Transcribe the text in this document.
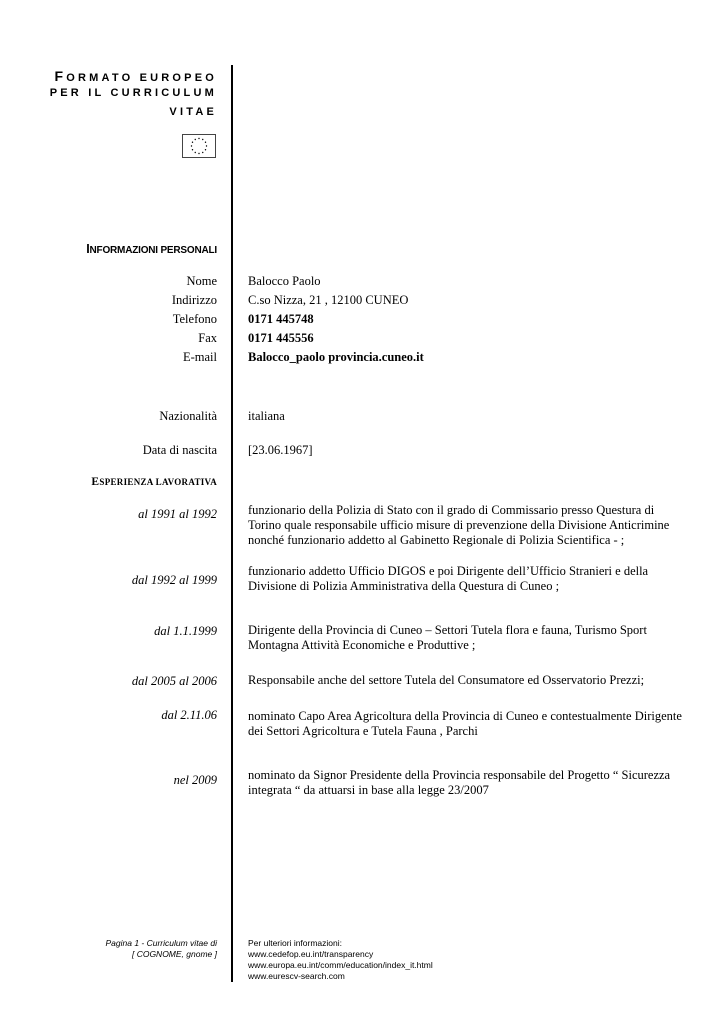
FORMATO EUROPEO
PER IL CURRICULUM
VITAE
INFORMAZIONI PERSONALI
Nome Balocco Paolo
Indirizzo C.so Nizza, 21 , 12100 CUNEO
Telefono 0171 445748
Fax 0171 445556
E-mail Balocco_paolo provincia.cuneo.it
Nazionalità italiana
Data di nascita [23.06.1967]
ESPERIENZA LAVORATIVA
al 1991 al 1992 funzionario della Polizia di Stato con il grado di Commissario presso Questura di Torino quale responsabile ufficio misure di prevenzione della Divisione Anticrimine nonché funzionario addetto al Gabinetto Regionale di Polizia Scientifica - ;
dal 1992 al 1999
funzionario addetto Ufficio DIGOS e poi Dirigente dell’Ufficio Stranieri e della Divisione di Polizia Amministrativa della Questura di Cuneo ;
dal 1.1.1999 Dirigente della Provincia di Cuneo – Settori Tutela flora e fauna, Turismo Sport Montagna Attività Economiche e Produttive ;
dal 2005 al 2006 Responsabile anche del settore Tutela del Consumatore ed Osservatorio Prezzi;
dal 2.11.06 nominato Capo Area Agricoltura della Provincia di Cuneo e contestualmente Dirigente dei Settori Agricoltura e Tutela Fauna , Parchi
nel 2009 nominato da Signor Presidente della Provincia responsabile del Progetto “ Sicurezza integrata “ da attuarsi in base alla legge 23/2007
Pagina 1 - Curriculum vitae di
[ COGNOME, gnome ]
Per ulteriori informazioni:
www.cedefop.eu.int/transparency
www.europa.eu.int/comm/education/index_it.html
www.eurescv-search.com
